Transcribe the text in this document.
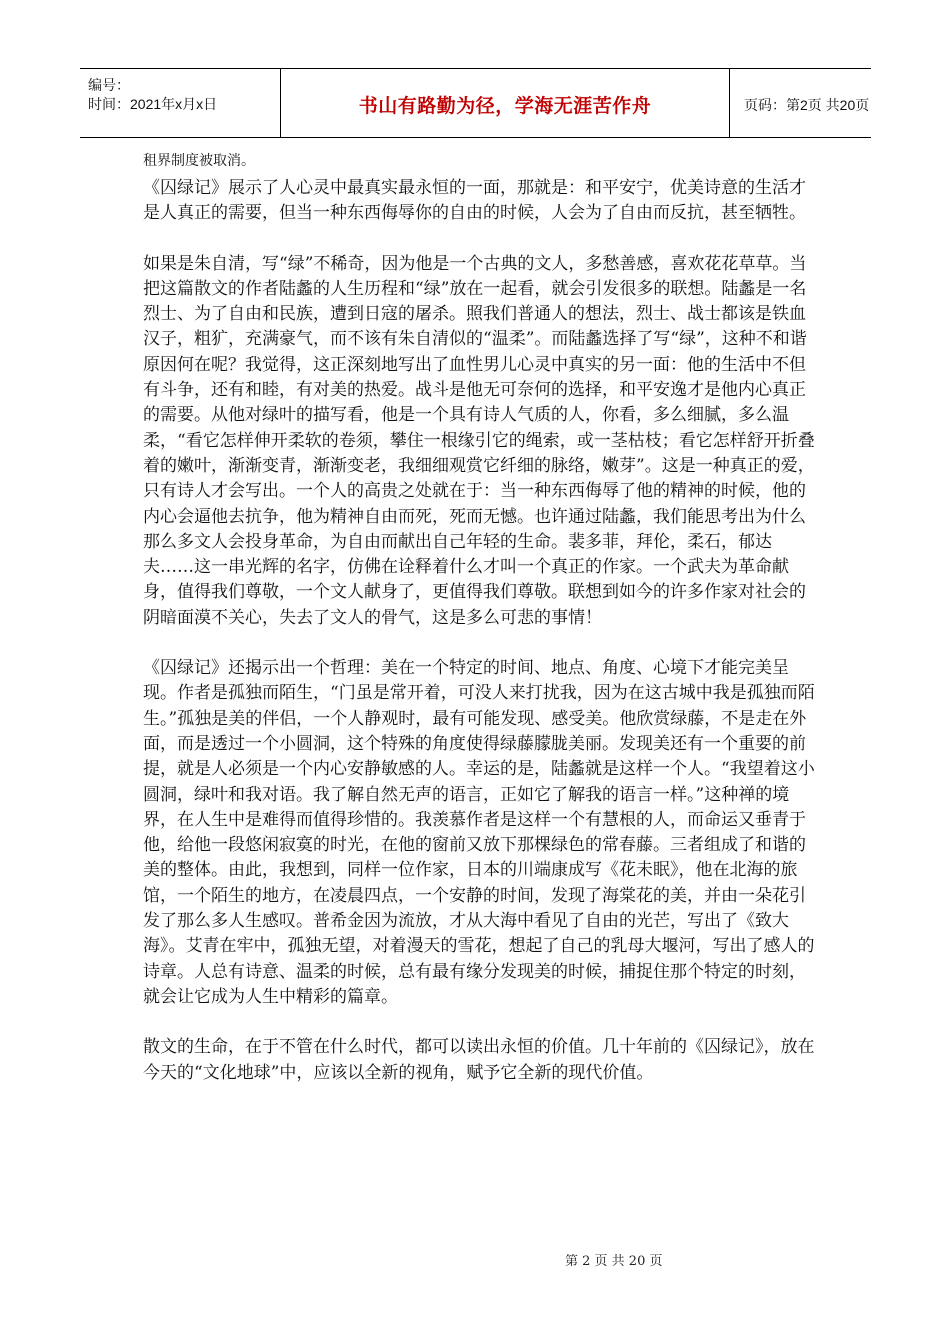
编号：
时间：2021年x月x日	书山有路勤为径，学海无涯苦作舟	页码：第2页 共20页

租界制度被取消。

《囚绿记》展示了人心灵中最真实最永恒的一面，那就是：和平安宁，优美诗意的生活才是人真正的需要，但当一种东西侮辱你的自由的时候，人会为了自由而反抗，甚至牺牲。

如果是朱自清，写“绿”不稀奇，因为他是一个古典的文人，多愁善感，喜欢花花草草。当把这篇散文的作者陆蠡的人生历程和“绿”放在一起看，就会引发很多的联想。陆蠡是一名烈士、为了自由和民族，遭到日寇的屠杀。照我们普通人的想法，烈士、战士都该是铁血汉子，粗犷，充满豪气，而不该有朱自清似的“温柔”。而陆蠡选择了写“绿”，这种不和谐原因何在呢？我觉得，这正深刻地写出了血性男儿心灵中真实的另一面：他的生活中不但有斗争，还有和睦，有对美的热爱。战斗是他无可奈何的选择，和平安逸才是他内心真正的需要。从他对绿叶的描写看，他是一个具有诗人气质的人，你看，多么细腻，多么温柔，“看它怎样伸开柔软的卷须，攀住一根缘引它的绳索，或一茎枯枝；看它怎样舒开折叠着的嫩叶，渐渐变青，渐渐变老，我细细观赏它纤细的脉络，嫩芽”。这是一种真正的爱，只有诗人才会写出。一个人的高贵之处就在于：当一种东西侮辱了他的精神的时候，他的内心会逼他去抗争，他为精神自由而死，死而无憾。也许通过陆蠡，我们能思考出为什么那么多文人会投身革命，为自由而献出自己年轻的生命。裴多菲，拜伦，柔石，郁达夫……这一串光辉的名字，仿佛在诠释着什么才叫一个真正的作家。一个武夫为革命献身，值得我们尊敬，一个文人献身了，更值得我们尊敬。联想到如今的许多作家对社会的阴暗面漠不关心，失去了文人的骨气，这是多么可悲的事情！

《囚绿记》还揭示出一个哲理：美在一个特定的时间、地点、角度、心境下才能完美呈现。作者是孤独而陌生，“门虽是常开着，可没人来打扰我，因为在这古城中我是孤独而陌生。”孤独是美的伴侣，一个人静观时，最有可能发现、感受美。他欣赏绿藤，不是走在外面，而是透过一个小圆洞，这个特殊的角度使得绿藤朦胧美丽。发现美还有一个重要的前提，就是人必须是一个内心安静敏感的人。幸运的是，陆蠡就是这样一个人。“我望着这小圆洞，绿叶和我对语。我了解自然无声的语言，正如它了解我的语言一样。”这种禅的境界，在人生中是难得而值得珍惜的。我羡慕作者是这样一个有慧根的人，而命运又垂青于他，给他一段悠闲寂寞的时光，在他的窗前又放下那棵绿色的常春藤。三者组成了和谐的美的整体。由此，我想到，同样一位作家，日本的川端康成写《花未眠》，他在北海的旅馆，一个陌生的地方，在凌晨四点，一个安静的时间，发现了海棠花的美，并由一朵花引发了那么多人生感叹。普希金因为流放，才从大海中看见了自由的光芒，写出了《致大海》。艾青在牢中，孤独无望，对着漫天的雪花，想起了自己的乳母大堰河，写出了感人的诗章。人总有诗意、温柔的时候，总有最有缘分发现美的时候，捕捉住那个特定的时刻，就会让它成为人生中精彩的篇章。

散文的生命，在于不管在什么时代，都可以读出永恒的价值。几十年前的《囚绿记》，放在今天的“文化地球”中，应该以全新的视角，赋予它全新的现代价值。

第 2 页 共 20 页
